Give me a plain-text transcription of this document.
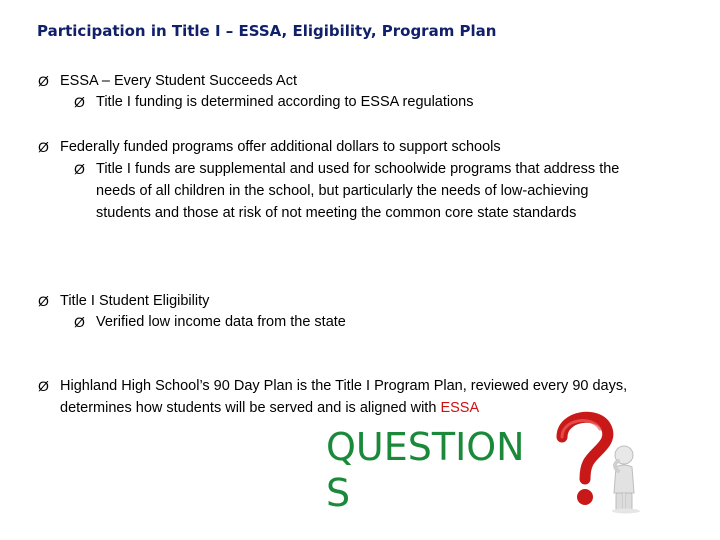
Participation in Title I – ESSA, Eligibility, Program Plan
Ø ESSA – Every Student Succeeds Act
Ø Title I funding is determined according to ESSA regulations
Ø Federally funded programs offer additional dollars to support schools
Ø Title I funds are supplemental and used for schoolwide programs that address the needs of all children in the school, but particularly the needs of low-achieving students and those at risk of not meeting the common core state standards
Ø Title I Student Eligibility
Ø Verified low income data from the state
Ø Highland High School’s 90 Day Plan is the Title I Program Plan, reviewed every 90 days, determines how students will be served and is aligned with ESSA
QUESTION
S
